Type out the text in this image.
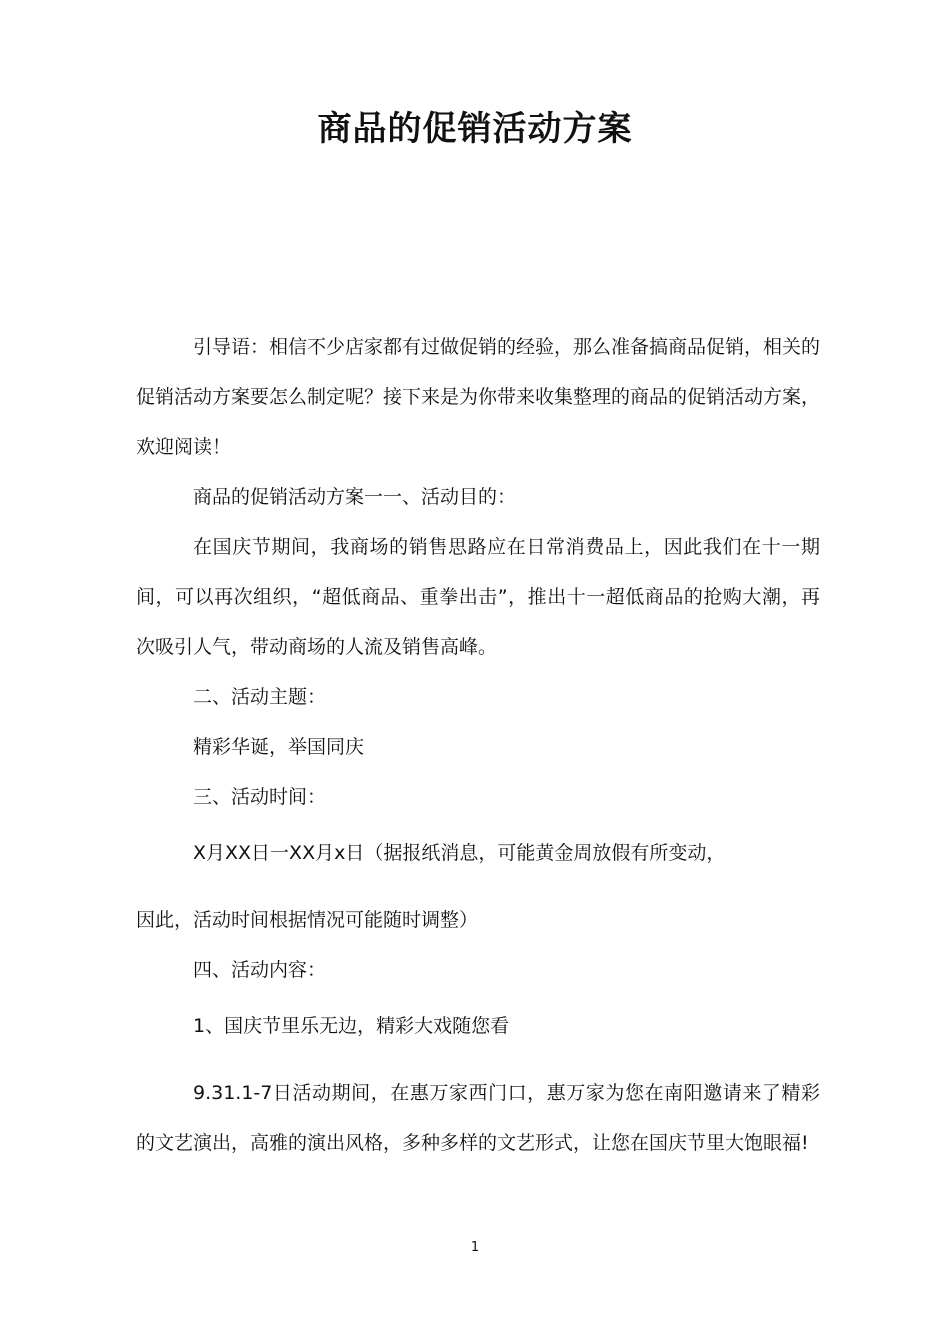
商品的促销活动方案

引导语：相信不少店家都有过做促销的经验，那么准备搞商品促销，相关的促销活动方案要怎么制定呢？接下来是为你带来收集整理的商品的促销活动方案，欢迎阅读！

商品的促销活动方案一一、活动目的：

在国庆节期间，我商场的销售思路应在日常消费品上，因此我们在十一期间，可以再次组织，“超低商品、重拳出击”，推出十一超低商品的抢购大潮，再次吸引人气，带动商场的人流及销售高峰。

二、活动主题：

精彩华诞，举国同庆

三、活动时间：

X月XX日一XX月x日（据报纸消息，可能黄金周放假有所变动，

因此，活动时间根据情况可能随时调整）

四、活动内容：

1、国庆节里乐无边，精彩大戏随您看

9.31.1-7日活动期间，在惠万家西门口，惠万家为您在南阳邀请来了精彩的文艺演出，高雅的演出风格，多种多样的文艺形式，让您在国庆节里大饱眼福!

1
